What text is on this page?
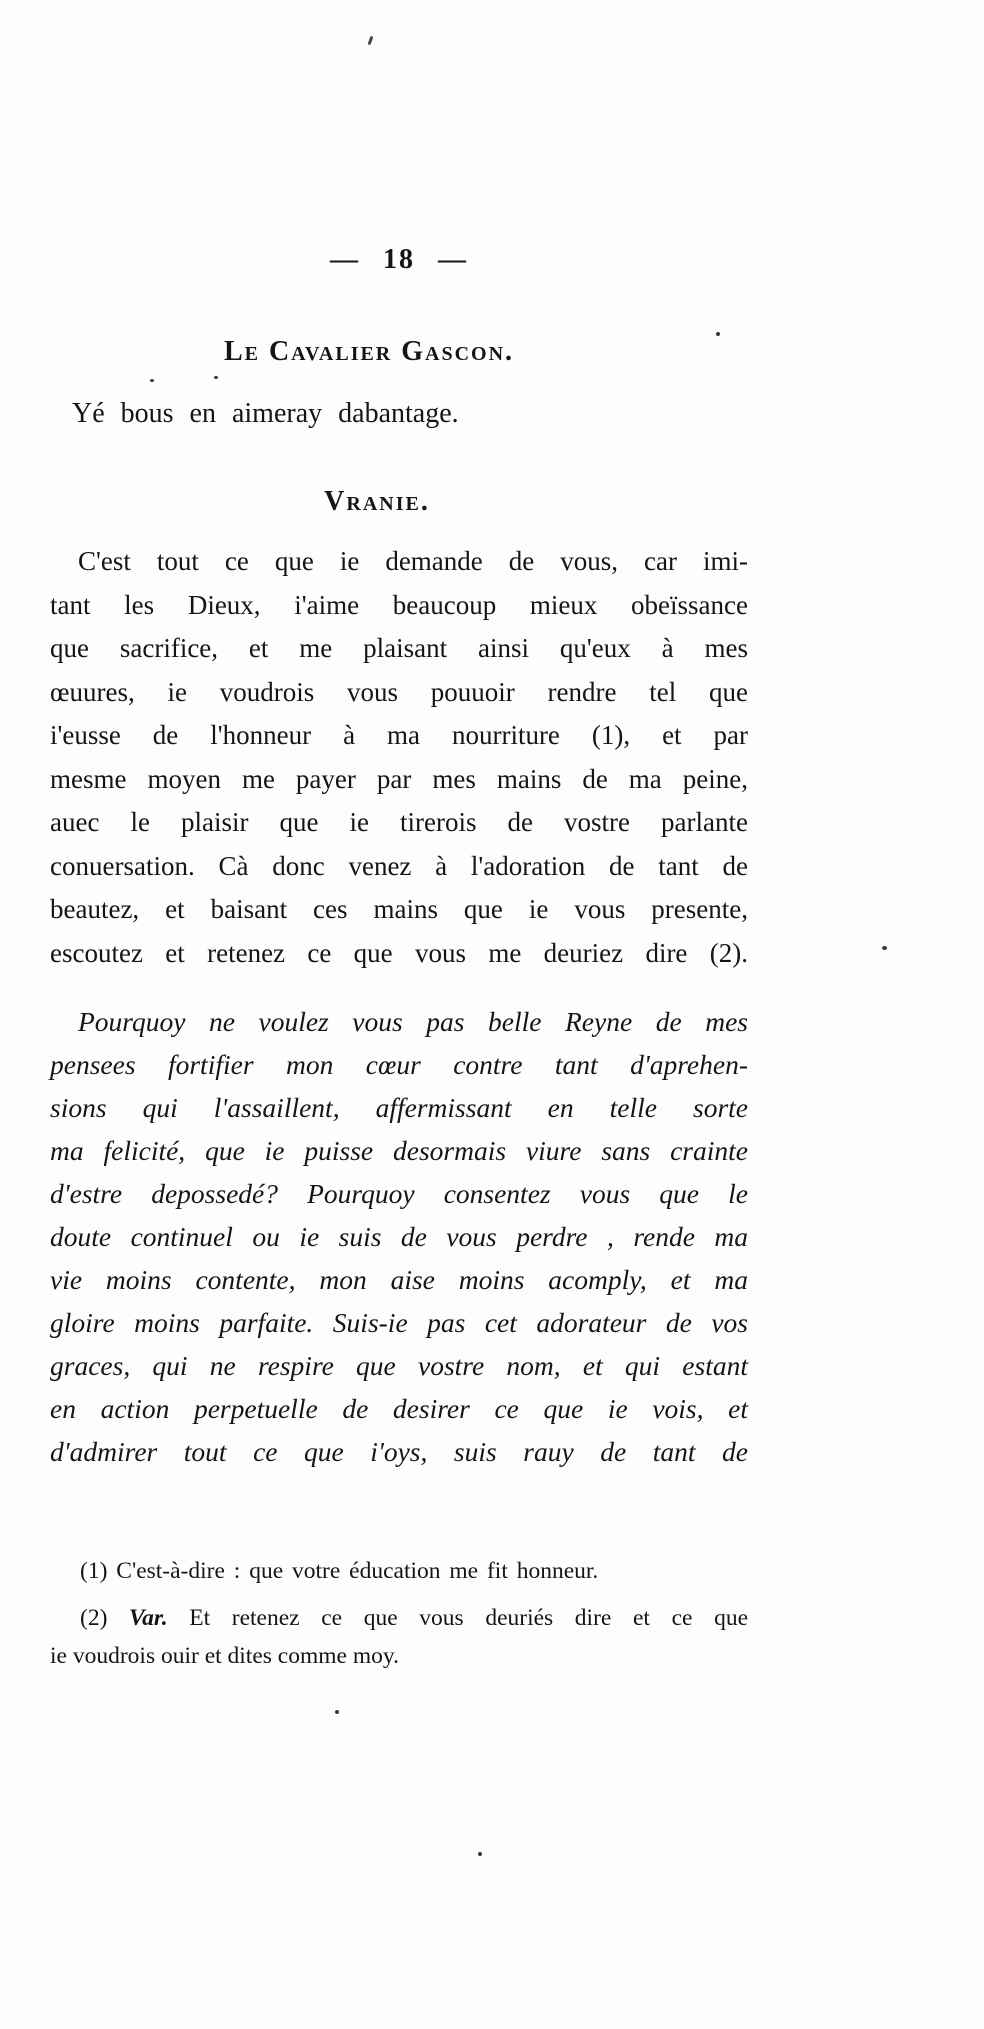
— 18 —
Le Cavalier Gascon.
Yé bous en aimeray dabantage.
Vranie.
C'est tout ce que ie demande de vous, car imi-
tant les Dieux, i'aime beaucoup mieux obeïssance
que sacrifice, et me plaisant ainsi qu'eux à mes
œuures, ie voudrois vous pouuoir rendre tel que
i'eusse de l'honneur à ma nourriture (1), et par
mesme moyen me payer par mes mains de ma peine,
auec le plaisir que ie tirerois de vostre parlante
conuersation. Cà donc venez à l'adoration de tant de
beautez, et baisant ces mains que ie vous presente,
escoutez et retenez ce que vous me deuriez dire (2).
Pourquoy ne voulez vous pas belle Reyne de mes
pensees fortifier mon cœur contre tant d'aprehen-
sions qui l'assaillent, affermissant en telle sorte
ma felicité, que ie puisse desormais viure sans crainte
d'estre depossedé? Pourquoy consentez vous que le
doute continuel ou ie suis de vous perdre , rende ma
vie moins contente, mon aise moins acomply, et ma
gloire moins parfaite. Suis-ie pas cet adorateur de vos
graces, qui ne respire que vostre nom, et qui estant
en action perpetuelle de desirer ce que ie vois, et
d'admirer tout ce que i'oys, suis rauy de tant de
(1) C'est-à-dire : que votre éducation me fit honneur.
(2) Var. Et retenez ce que vous deuriés dire et ce que
ie voudrois ouir et dites comme moy.
